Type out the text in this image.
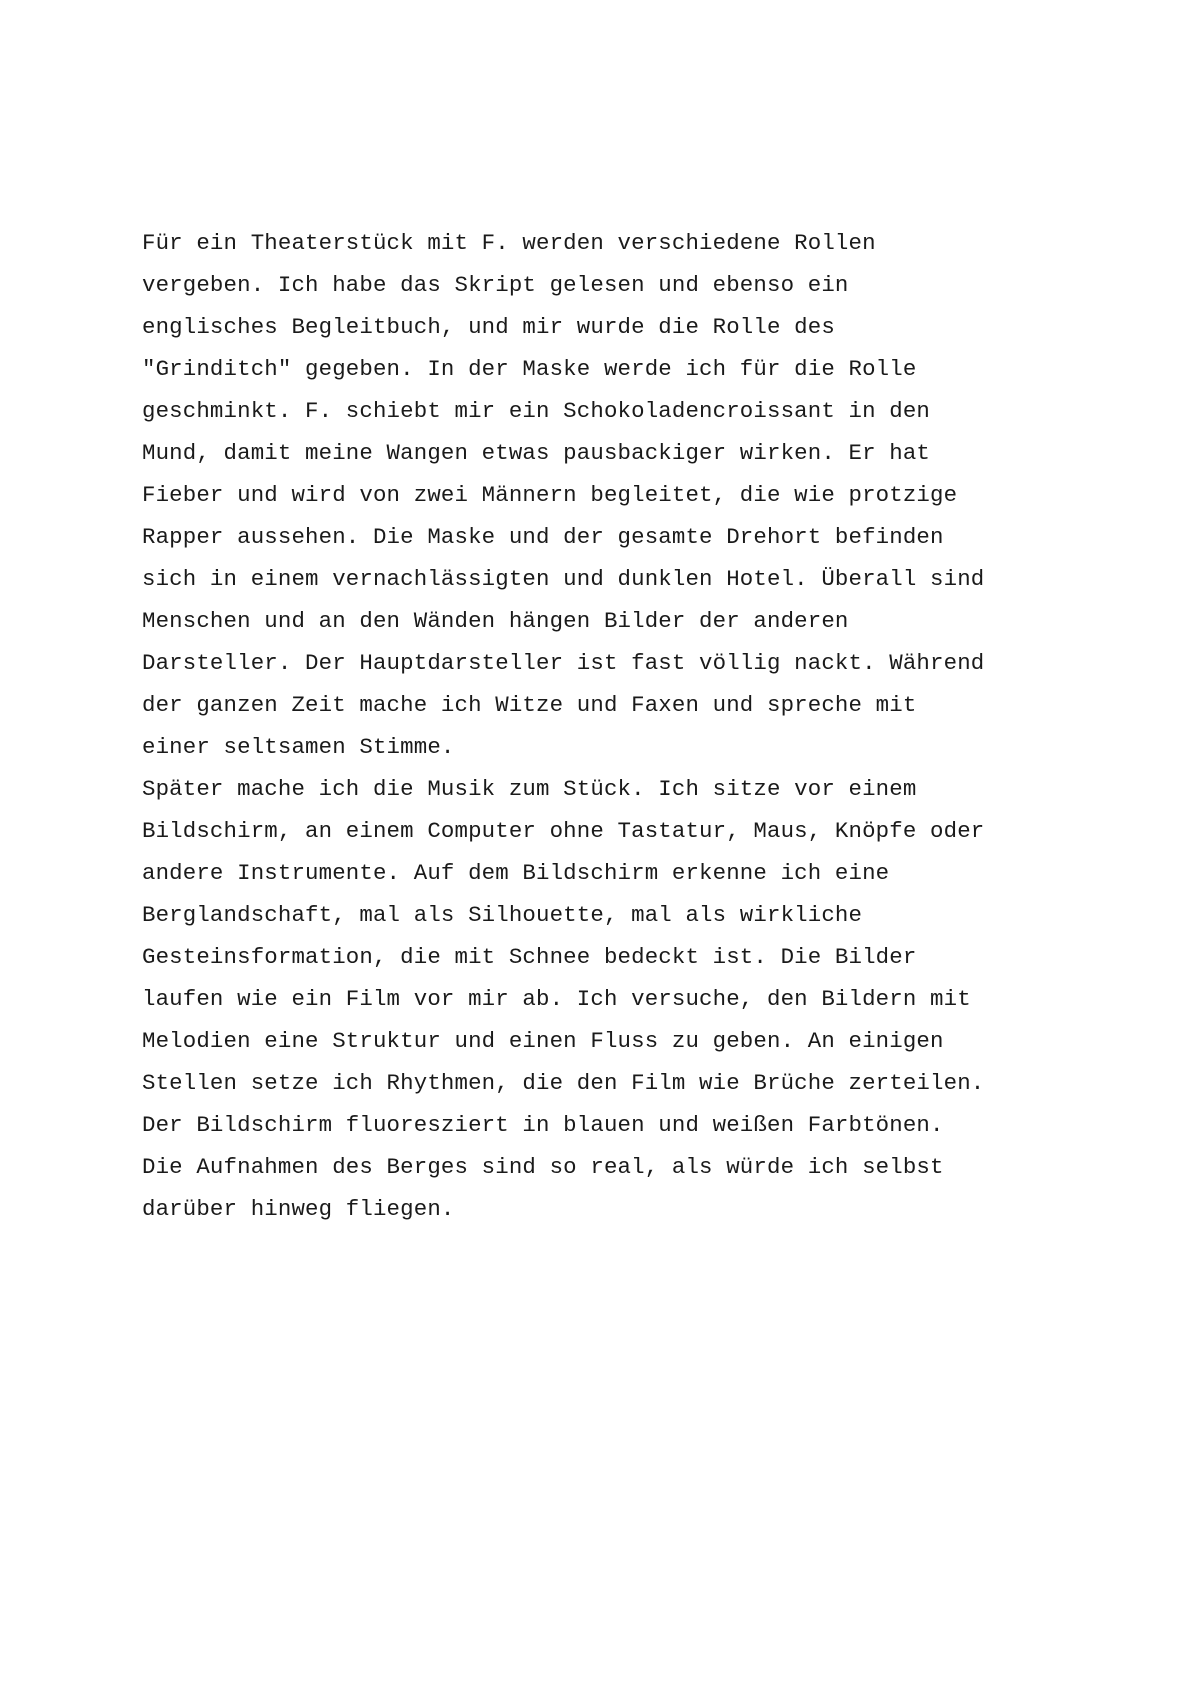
Für ein Theaterstück mit F. werden verschiedene Rollen
vergeben. Ich habe das Skript gelesen und ebenso ein
englisches Begleitbuch, und mir wurde die Rolle des
"Grinditch" gegeben. In der Maske werde ich für die Rolle
geschminkt. F. schiebt mir ein Schokoladencroissant in den
Mund, damit meine Wangen etwas pausbackiger wirken. Er hat
Fieber und wird von zwei Männern begleitet, die wie protzige
Rapper aussehen. Die Maske und der gesamte Drehort befinden
sich in einem vernachlässigten und dunklen Hotel. Überall sind
Menschen und an den Wänden hängen Bilder der anderen
Darsteller. Der Hauptdarsteller ist fast völlig nackt. Während
der ganzen Zeit mache ich Witze und Faxen und spreche mit
einer seltsamen Stimme.
Später mache ich die Musik zum Stück. Ich sitze vor einem
Bildschirm, an einem Computer ohne Tastatur, Maus, Knöpfe oder
andere Instrumente. Auf dem Bildschirm erkenne ich eine
Berglandschaft, mal als Silhouette, mal als wirkliche
Gesteinsformation, die mit Schnee bedeckt ist. Die Bilder
laufen wie ein Film vor mir ab. Ich versuche, den Bildern mit
Melodien eine Struktur und einen Fluss zu geben. An einigen
Stellen setze ich Rhythmen, die den Film wie Brüche zerteilen.
Der Bildschirm fluoresziert in blauen und weißen Farbtönen.
Die Aufnahmen des Berges sind so real, als würde ich selbst
darüber hinweg fliegen.
